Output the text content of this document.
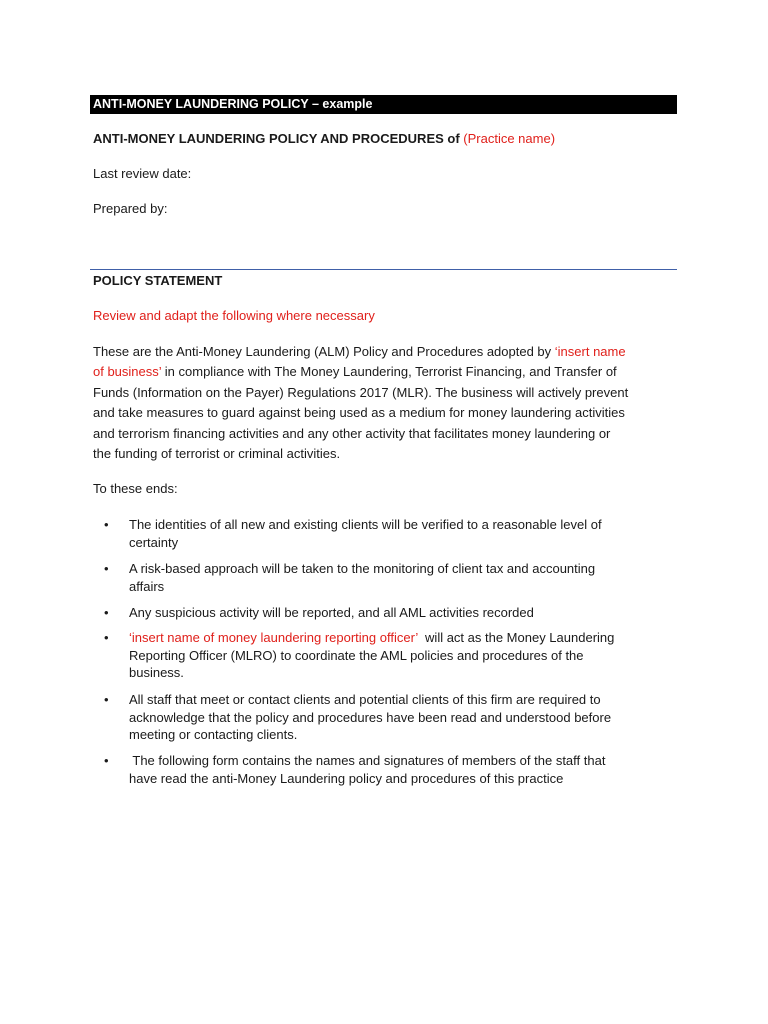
ANTI-MONEY LAUNDERING POLICY – example
ANTI-MONEY LAUNDERING POLICY AND PROCEDURES of (Practice name)
Last review date:
Prepared by:
POLICY STATEMENT
Review and adapt the following where necessary
These are the Anti-Money Laundering (ALM) Policy and Procedures adopted by ‘insert name
of business’ in compliance with The Money Laundering, Terrorist Financing, and Transfer of
Funds (Information on the Payer) Regulations 2017 (MLR). The business will actively prevent
and take measures to guard against being used as a medium for money laundering activities
and terrorism financing activities and any other activity that facilitates money laundering or
the funding of terrorist or criminal activities.
To these ends:
• The identities of all new and existing clients will be verified to a reasonable level of
certainty
• A risk-based approach will be taken to the monitoring of client tax and accounting
affairs
• Any suspicious activity will be reported, and all AML activities recorded
• ‘insert name of money laundering reporting officer’  will act as the Money Laundering
Reporting Officer (MLRO) to coordinate the AML policies and procedures of the
business.
• All staff that meet or contact clients and potential clients of this firm are required to
acknowledge that the policy and procedures have been read and understood before
meeting or contacting clients.
• The following form contains the names and signatures of members of the staff that
have read the anti-Money Laundering policy and procedures of this practice
